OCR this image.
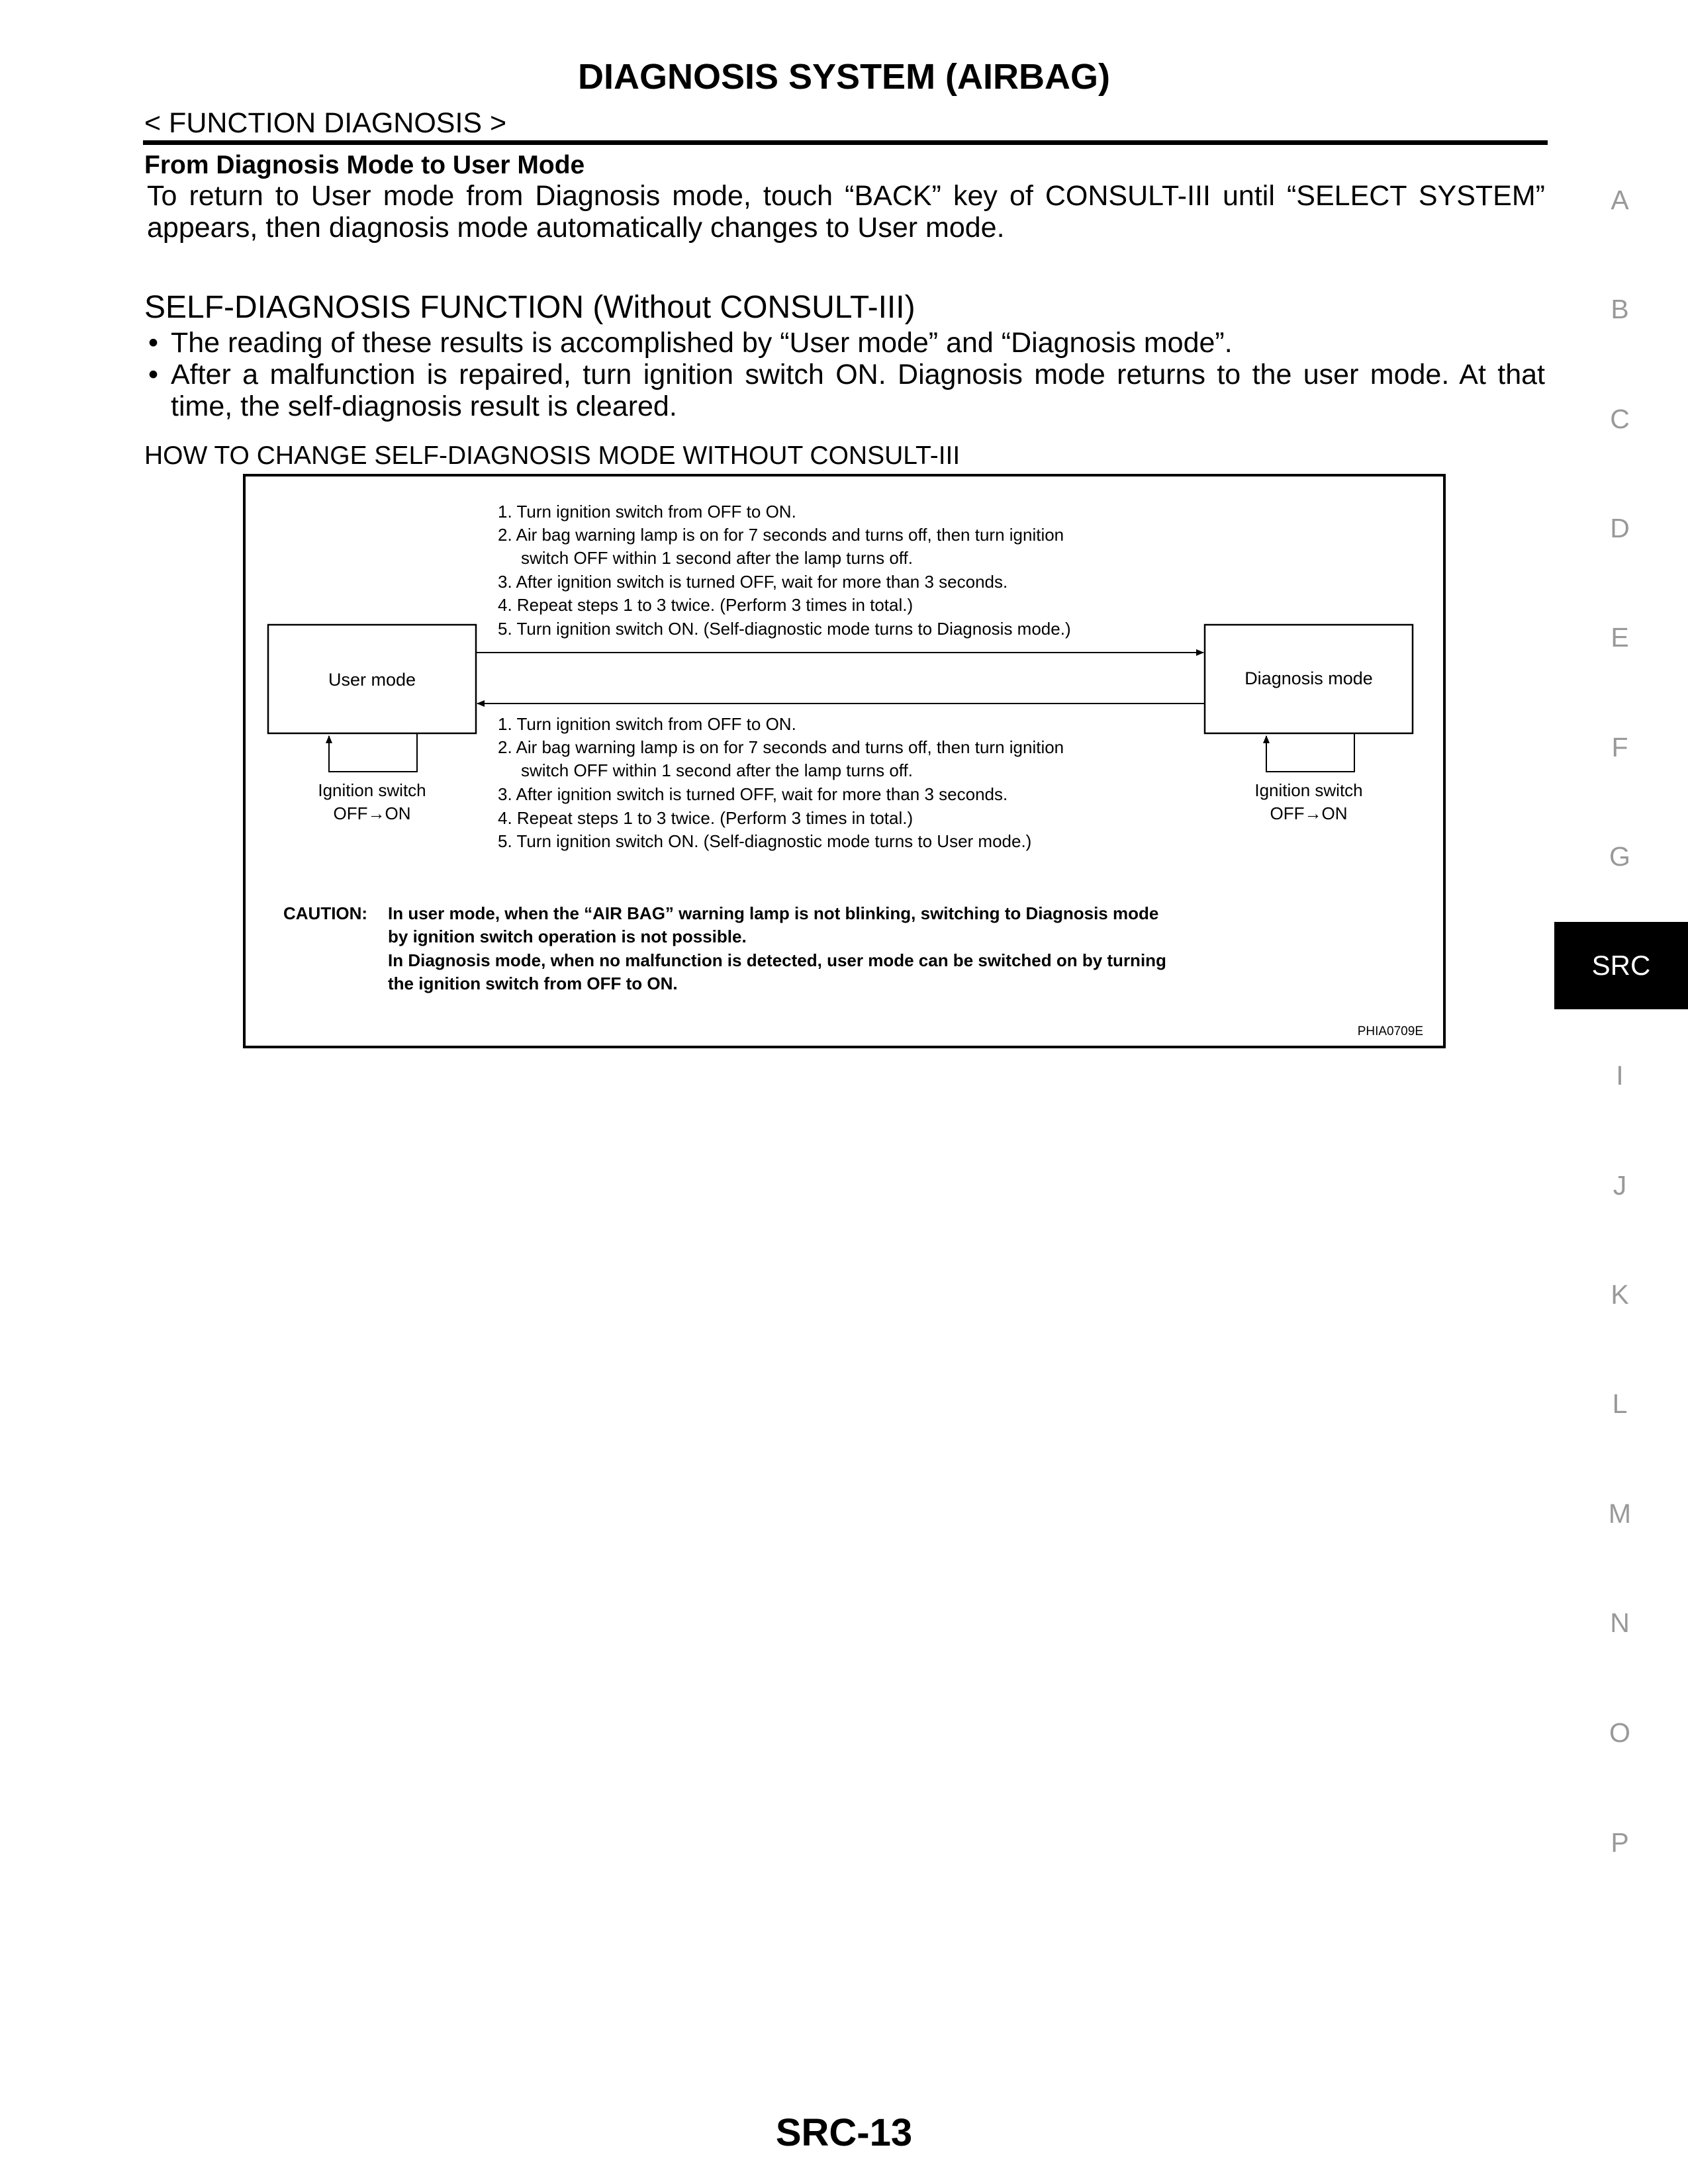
DIAGNOSIS SYSTEM (AIRBAG)
< FUNCTION DIAGNOSIS >
From Diagnosis Mode to User Mode
To return to User mode from Diagnosis mode, touch “BACK” key of CONSULT-III until “SELECT SYSTEM” appears, then diagnosis mode automatically changes to User mode.
SELF-DIAGNOSIS FUNCTION (Without CONSULT-III)
• The reading of these results is accomplished by “User mode” and “Diagnosis mode”.
• After a malfunction is repaired, turn ignition switch ON. Diagnosis mode returns to the user mode. At that time, the self-diagnosis result is cleared.
HOW TO CHANGE SELF-DIAGNOSIS MODE WITHOUT CONSULT-III
User mode	Diagnosis mode
Ignition switch
OFF→ON
Ignition switch
OFF→ON
1. Turn ignition switch from OFF to ON.
2. Air bag warning lamp is on for 7 seconds and turns off, then turn ignition
switch OFF within 1 second after the lamp turns off.
3. After ignition switch is turned OFF, wait for more than 3 seconds.
4. Repeat steps 1 to 3 twice. (Perform 3 times in total.)
5. Turn ignition switch ON. (Self-diagnostic mode turns to Diagnosis mode.)
1. Turn ignition switch from OFF to ON.
2. Air bag warning lamp is on for 7 seconds and turns off, then turn ignition
switch OFF within 1 second after the lamp turns off.
3. After ignition switch is turned OFF, wait for more than 3 seconds.
4. Repeat steps 1 to 3 twice. (Perform 3 times in total.)
5. Turn ignition switch ON. (Self-diagnostic mode turns to User mode.)
CAUTION: In user mode, when the “AIR BAG” warning lamp is not blinking, switching to Diagnosis mode
by ignition switch operation is not possible.
In Diagnosis mode, when no malfunction is detected, user mode can be switched on by turning
the ignition switch from OFF to ON.
PHIA0709E
A
B
C
D
E
F
G
SRC
I
J
K
L
M
N
O
P
SRC-13
